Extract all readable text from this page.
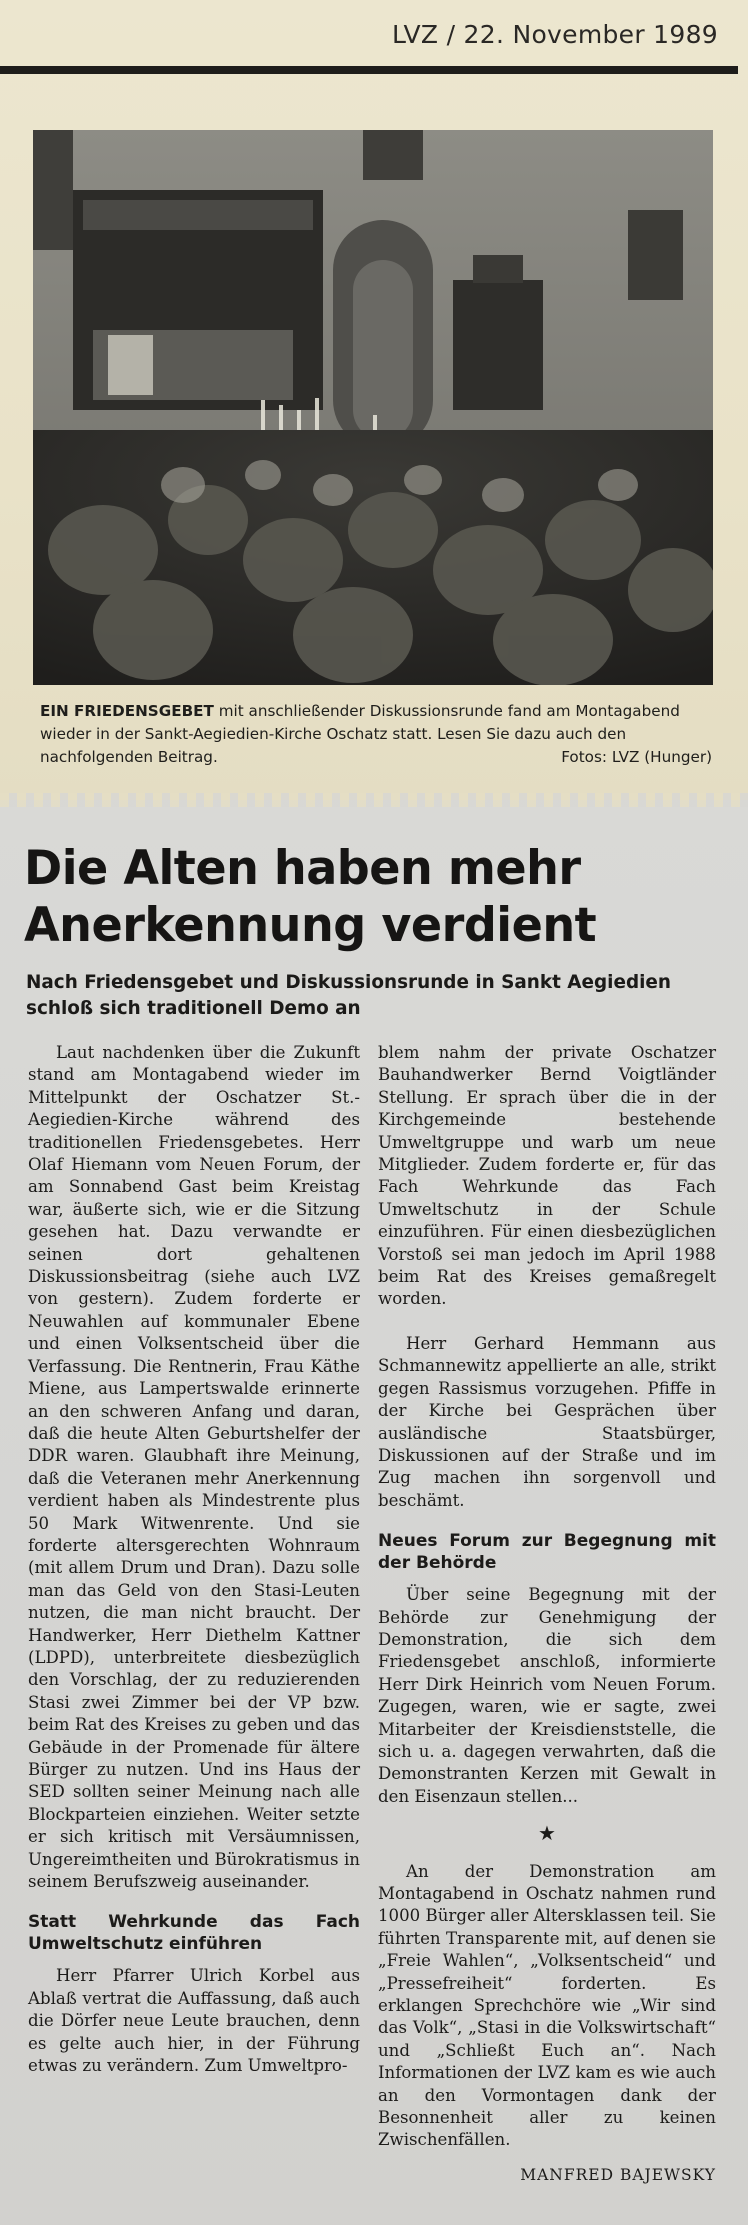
LVZ / 22. November 1989
EIN FRIEDENSGEBET mit anschließender Diskussionsrunde fand am Montagabend wieder in der Sankt-Aegiedien-Kirche Oschatz statt. Lesen Sie dazu auch den nachfolgenden Beitrag.	Fotos: LVZ (Hunger)
Die Alten haben mehr
Anerkennung verdient
Nach Friedensgebet und Diskussionsrunde in Sankt Aegiedien schloß sich traditionell Demo an

Laut nachdenken über die Zukunft stand am Montagabend wieder im Mittelpunkt der Oschatzer St.-Aegiedien-Kirche während des traditionellen Friedensgebetes. Herr Olaf Hiemann vom Neuen Forum, der am Sonnabend Gast beim Kreistag war, äußerte sich, wie er die Sitzung gesehen hat. Dazu verwandte er seinen dort gehaltenen Diskussionsbeitrag (siehe auch LVZ von gestern). Zudem forderte er Neuwahlen auf kommunaler Ebene und einen Volksentscheid über die Verfassung. Die Rentnerin, Frau Käthe Miene, aus Lampertswalde erinnerte an den schweren Anfang und daran, daß die heute Alten Geburtshelfer der DDR waren. Glaubhaft ihre Meinung, daß die Veteranen mehr Anerkennung verdient haben als Mindestrente plus 50 Mark Witwenrente. Und sie forderte altersgerechten Wohnraum (mit allem Drum und Dran). Dazu solle man das Geld von den Stasi-Leuten nutzen, die man nicht braucht. Der Handwerker, Herr Diethelm Kattner (LDPD), unterbreitete diesbezüglich den Vorschlag, der zu reduzierenden Stasi zwei Zimmer bei der VP bzw. beim Rat des Kreises zu geben und das Gebäude in der Promenade für ältere Bürger zu nutzen. Und ins Haus der SED sollten seiner Meinung nach alle Blockparteien einziehen. Weiter setzte er sich kritisch mit Versäumnissen, Ungereimtheiten und Bürokratismus in seinem Berufszweig auseinander.

Statt Wehrkunde das Fach Umweltschutz einführen

Herr Pfarrer Ulrich Korbel aus Ablaß vertrat die Auffassung, daß auch die Dörfer neue Leute brauchen, denn es gelte auch hier, in der Führung etwas zu verändern. Zum Umweltpro-

blem nahm der private Oschatzer Bauhandwerker Bernd Voigtländer Stellung. Er sprach über die in der Kirchgemeinde bestehende Umweltgruppe und warb um neue Mitglieder. Zudem forderte er, für das Fach Wehrkunde das Fach Umweltschutz in der Schule einzuführen. Für einen diesbezüglichen Vorstoß sei man jedoch im April 1988 beim Rat des Kreises gemaßregelt worden.

Herr Gerhard Hemmann aus Schmannewitz appellierte an alle, strikt gegen Rassismus vorzugehen. Pfiffe in der Kirche bei Gesprächen über ausländische Staatsbürger, Diskussionen auf der Straße und im Zug machen ihn sorgenvoll und beschämt.

Neues Forum zur Begegnung mit der Behörde

Über seine Begegnung mit der Behörde zur Genehmigung der Demonstration, die sich dem Friedensgebet anschloß, informierte Herr Dirk Heinrich vom Neuen Forum. Zugegen, waren, wie er sagte, zwei Mitarbeiter der Kreisdienststelle, die sich u. a. dagegen verwahrten, daß die Demonstranten Kerzen mit Gewalt in den Eisenzaun stellen...

★

An der Demonstration am Montagabend in Oschatz nahmen rund 1000 Bürger aller Altersklassen teil. Sie führten Transparente mit, auf denen sie „Freie Wahlen“, „Volksentscheid“ und „Pressefreiheit“ forderten. Es erklangen Sprechchöre wie „Wir sind das Volk“, „Stasi in die Volkswirtschaft“ und „Schließt Euch an“. Nach Informationen der LVZ kam es wie auch an den Vormontagen dank der Besonnenheit aller zu keinen Zwischenfällen.

MANFRED BAJEWSKY
